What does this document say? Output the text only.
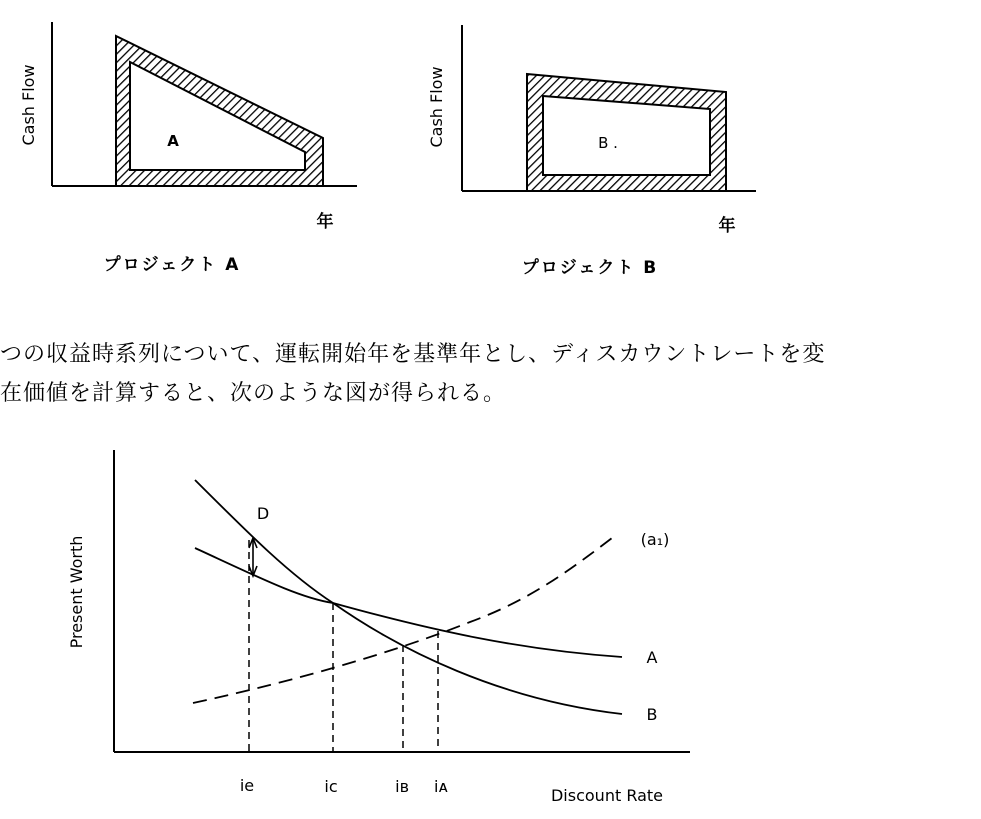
Cash Flow	A
年
プロジェクト A
Cash Flow	B .
年
プロジェクト B
D
(a₁)
A
B
Present Worth
Discount Rate
ie	ic	iʙ iᴀ
つの収益時系列について、運転開始年を基準年とし、ディスカウントレートを変
在価値を計算すると、次のような図が得られる。
